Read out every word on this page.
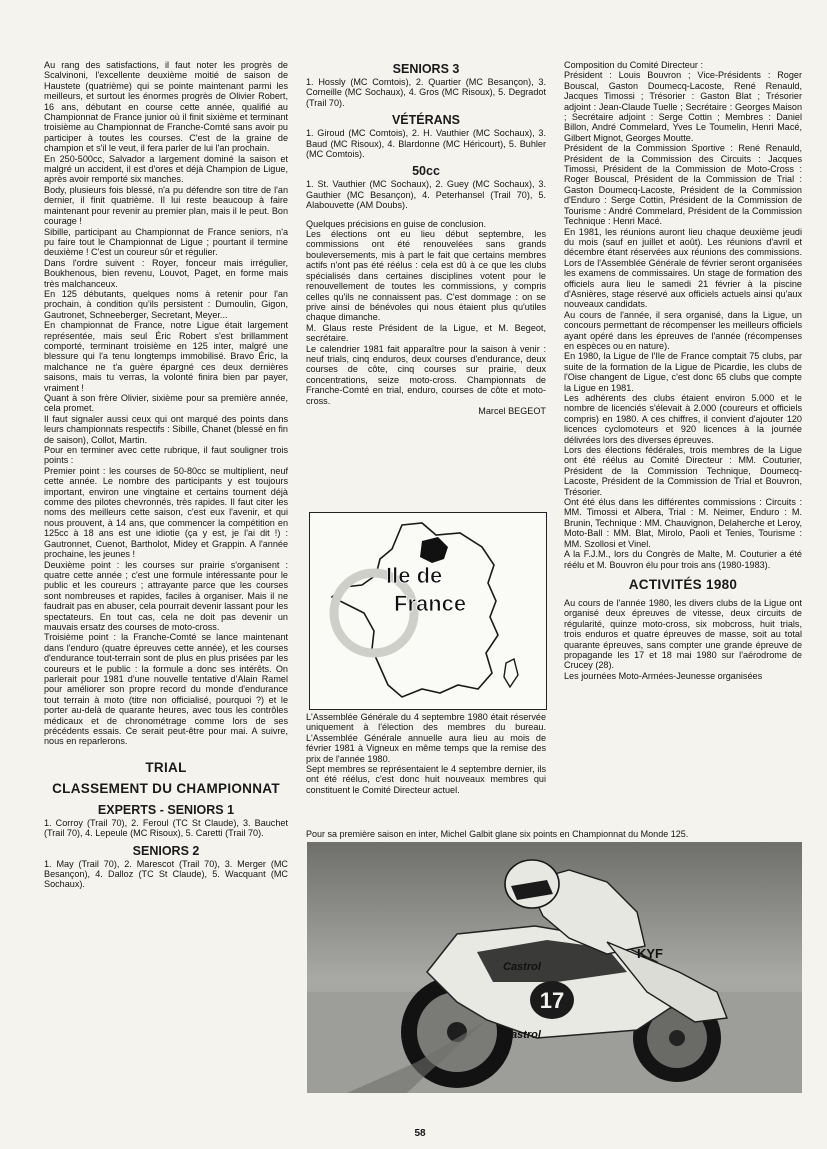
Au rang des satisfactions, il faut noter les progrès de Scalvinoni, l'excellente deuxième moitié de saison de Haustete (quatrième) qui se pointe maintenant parmi les meilleurs, et surtout les énormes progrès de Olivier Robert, 16 ans, débutant en course cette année, qualifié au Championnat de France junior où il finit sixième et terminant troisième au Championnat de Franche-Comté sans avoir pu participer à toutes les courses. C'est de la graine de champion et s'il le veut, il fera parler de lui l'an prochain.

En 250-500cc, Salvador a largement dominé la saison et malgré un accident, il est d'ores et déjà Champion de Ligue, après avoir remporté six manches.

Body, plusieurs fois blessé, n'a pu défendre son titre de l'an dernier, il finit quatrième. Il lui reste beaucoup à faire maintenant pour revenir au premier plan, mais il le peut. Bon courage !

Sibille, participant au Championnat de France seniors, n'a pu faire tout le Championnat de Ligue ; pourtant il termine deuxième ! C'est un coureur sûr et régulier.

Dans l'ordre suivent : Royer, fonceur mais irrégulier, Boukhenous, bien revenu, Louvot, Paget, en forme mais très malchanceux.

En 125 débutants, quelques noms à retenir pour l'an prochain, à condition qu'ils persistent : Dumoulin, Gigon, Gautronet, Schneeberger, Secretant, Meyer...

En championnat de France, notre Ligue était largement représentée, mais seul Éric Robert s'est brillamment comporté, terminant troisième en 125 inter, malgré une blessure qui l'a tenu longtemps immobilisé. Bravo Éric, la malchance ne t'a guère épargné ces deux dernières saisons, mais tu verras, la volonté finira bien par payer, vraiment !

Quant à son frère Olivier, sixième pour sa première année, cela promet.

Il faut signaler aussi ceux qui ont marqué des points dans leurs championnats respectifs : Sibille, Chanet (blessé en fin de saison), Collot, Martin.

Pour en terminer avec cette rubrique, il faut souligner trois points :

Premier point : les courses de 50-80cc se multiplient, neuf cette année. Le nombre des participants y est toujours important, environ une vingtaine et certains tournent déjà comme des pilotes chevronnés, très rapides. Il faut citer les noms des meilleurs cette saison, c'est eux l'avenir, et qui nous prouvent, à 14 ans, que commencer la compétition en 125cc à 18 ans est une idiotie (ça y est, je l'ai dit !) : Gautronnet, Cuenot, Bartholot, Midey et Grappin. A l'année prochaine, les jeunes !

Deuxième point : les courses sur prairie s'organisent : quatre cette année ; c'est une formule intéressante pour le public et les coureurs ; attrayante parce que les courses sont nombreuses et rapides, faciles à organiser. Mais il ne faudrait pas en abuser, cela pourrait devenir lassant pour les spectateurs. En tout cas, cela ne doit pas devenir un mauvais ersatz des courses de moto-cross.

Troisième point : la Franche-Comté se lance maintenant dans l'enduro (quatre épreuves cette année), et les courses d'endurance tout-terrain sont de plus en plus prisées par les coureurs et le public : la formule a donc ses intérêts. On parlerait pour 1981 d'une nouvelle tentative d'Alain Ramel pour améliorer son propre record du monde d'endurance tout terrain à moto (titre non officialisé, pourquoi ?) et le porter au-delà de quarante heures, avec tous les contrôles médicaux et de chronométrage comme lors de ses précédents essais. Ce serait peut-être pour mai. A suivre, nous en reparlerons.

TRIAL
CLASSEMENT DU CHAMPIONNAT
EXPERTS - SENIORS 1

1. Corroy (Trail 70), 2. Feroul (TC St Claude), 3. Bauchet (Trail 70), 4. Lepeule (MC Risoux), 5. Caretti (Trail 70).

SENIORS 2

1. May (Trail 70), 2. Marescot (Trail 70), 3. Merger (MC Besançon), 4. Dalloz (TC St Claude), 5. Wacquant (MC Sochaux).

SENIORS 3

1. Hossly (MC Comtois), 2. Quartier (MC Besançon), 3. Corneille (MC Sochaux), 4. Gros (MC Risoux), 5. Degradot (Trail 70).

VÉTÉRANS

1. Giroud (MC Comtois), 2. H. Vauthier (MC Sochaux), 3. Baud (MC Risoux), 4. Blardonne (MC Héricourt), 5. Buhler (MC Comtois).

50cc

1. St. Vauthier (MC Sochaux), 2. Guey (MC Sochaux), 3. Gauthier (MC Besançon), 4. Peterhansel (Trail 70), 5. Alabouvette (AM Doubs).

Quelques précisions en guise de conclusion.

Les élections ont eu lieu début septembre, les commissions ont été renouvelées sans grands bouleversements, mis à part le fait que certains membres actifs n'ont pas été réélus : cela est dû à ce que les clubs spécialisés dans certaines disciplines votent pour le renouvellement de toutes les commissions, y compris celles qu'ils ne connaissent pas. C'est dommage : on se prive ainsi de bénévoles qui nous étaient plus qu'utiles chaque dimanche.

M. Glaus reste Président de la Ligue, et M. Begeot, secrétaire.

Le calendrier 1981 fait apparaître pour la saison à venir : neuf trials, cinq enduros, deux courses d'endurance, deux courses de côte, cinq courses sur prairie, deux concentrations, seize moto-cross. Championnats de Franche-Comté en trial, enduro, courses de côte et moto-cross.

Marcel BEGEOT

Ile de
France

L'Assemblée Générale du 4 septembre 1980 était réservée uniquement à l'élection des membres du bureau. L'Assemblée Générale annuelle aura lieu au mois de février 1981 à Vigneux en même temps que la remise des prix de l'année 1980.

Sept membres se représentaient le 4 septembre dernier, ils ont été réélus, c'est donc huit nouveaux membres qui constituent le Comité Directeur actuel.

Composition du Comité Directeur :

Président : Louis Bouvron ; Vice-Présidents : Roger Bouscal, Gaston Doumecq-Lacoste, René Renauld, Jacques Timossi ; Trésorier : Gaston Blat ; Trésorier adjoint : Jean-Claude Tuelle ; Secrétaire : Georges Maison ; Secrétaire adjoint : Serge Cottin ; Membres : Daniel Billon, André Commelard, Yves Le Toumelin, Henri Macé, Gilbert Mignot, Georges Moutte.

Président de la Commission Sportive : René Renauld, Président de la Commission des Circuits : Jacques Timossi, Président de la Commission de Moto-Cross : Roger Bouscal, Président de la Commission de Trial : Gaston Doumecq-Lacoste, Président de la Commission d'Enduro : Serge Cottin, Président de la Commission de Tourisme : André Commelard, Président de la Commission Technique : Henri Macé.

En 1981, les réunions auront lieu chaque deuxième jeudi du mois (sauf en juillet et août). Les réunions d'avril et décembre étant réservées aux réunions des commissions. Lors de l'Assemblée Générale de février seront organisées les examens de commissaires. Un stage de formation des officiels aura lieu le samedi 21 février à la piscine d'Asnières, stage réservé aux officiels actuels ainsi qu'aux nouveaux candidats.

Au cours de l'année, il sera organisé, dans la Ligue, un concours permettant de récompenser les meilleurs officiels ayant opéré dans les épreuves de l'année (récompenses en espèces ou en nature).

En 1980, la Ligue de l'Ile de France comptait 75 clubs, par suite de la formation de la Ligue de Picardie, les clubs de l'Oise changent de Ligue, c'est donc 65 clubs que compte la Ligue en 1981.

Les adhérents des clubs étaient environ 5.000 et le nombre de licenciés s'élevait à 2.000 (coureurs et officiels compris) en 1980. A ces chiffres, il convient d'ajouter 120 licences cyclomoteurs et 920 licences à la journée délivrées lors des diverses épreuves.

Lors des élections fédérales, trois membres de la Ligue ont été réélus au Comité Directeur : MM. Couturier, Président de la Commission Technique, Doumecq-Lacoste, Président de la Commission de Trial et Bouvron, Trésorier.

Ont été élus dans les différentes commissions : Circuits : MM. Timossi et Albera, Trial : M. Neimer, Enduro : M. Brunin, Technique : MM. Chauvignon, Delaherche et Leroy, Moto-Ball : MM. Blat, Mirolo, Paoli et Tenies, Tourisme : MM. Szollosi et Vinel.

A la F.J.M., lors du Congrès de Malte, M. Couturier a été réélu et M. Bouvron élu pour trois ans (1980-1983).

ACTIVITÉS 1980

Au cours de l'année 1980, les divers clubs de la Ligue ont organisé deux épreuves de vitesse, deux circuits de régularité, quinze moto-cross, six mobcross, huit trials, trois enduros et quatre épreuves de masse, soit au total quarante épreuves, sans compter une grande épreuve de propagande les 17 et 18 mai 1980 sur l'aérodrome de Crucey (28).

Les journées Moto-Armées-Jeunesse organisées

Pour sa première saison en inter, Michel Galbit glane six points en Championnat du Monde 125.
17
Castrol
Castrol
KYF
58
